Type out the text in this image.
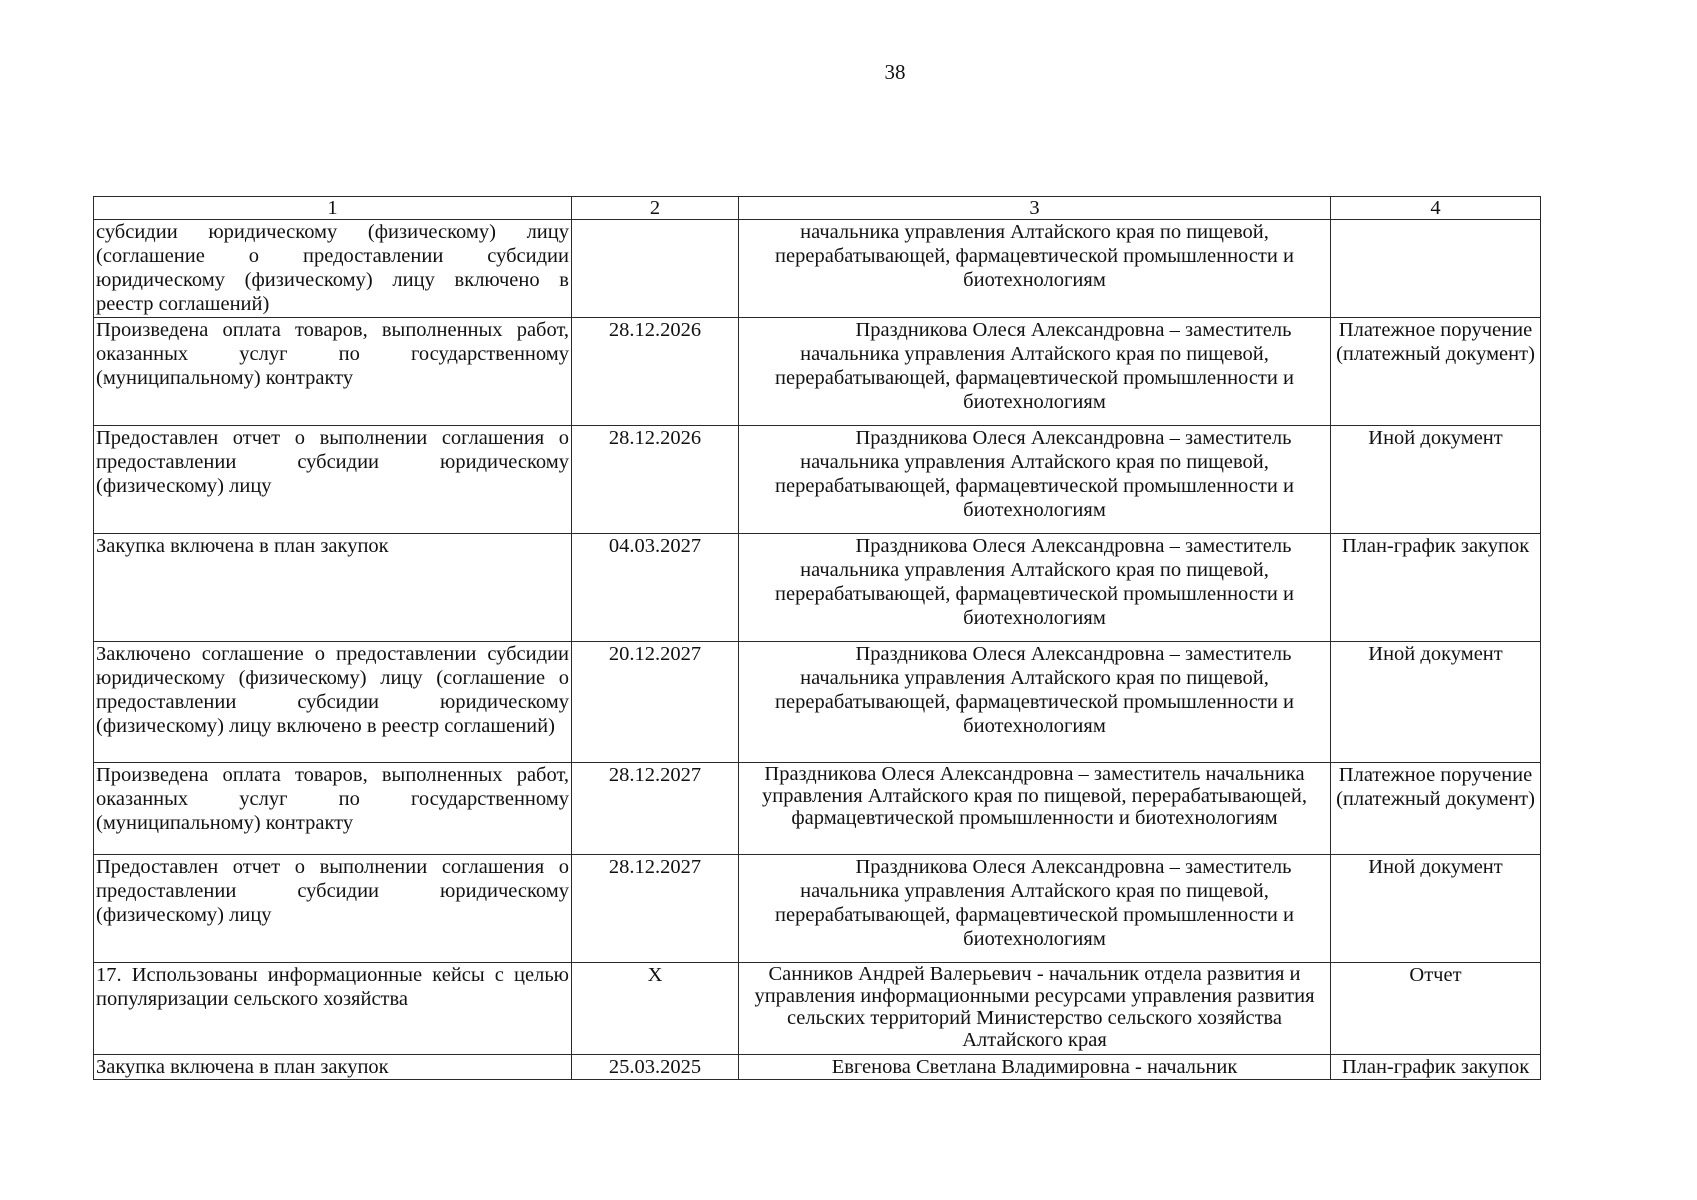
38
1	2	3	4
субсидии юридическому (физическому) лицу (соглашение о предоставлении субсидии юридическому (физическому) лицу включено в реестр соглашений)		начальника управления Алтайского края по пищевой, перерабатывающей, фармацевтической промышленности и биотехнологиям	

Произведена оплата товаров, выполненных работ, оказанных услуг по государственному (муниципальному) контракту	28.12.2026	Праздникова Олеся Александровна – заместитель начальника управления Алтайского края по пищевой, перерабатывающей, фармацевтической промышленности и биотехнологиям	Платежное поручение (платежный документ)
Предоставлен отчет о выполнении соглашения о предоставлении субсидии юридическому (физическому) лицу	28.12.2026	Праздникова Олеся Александровна – заместитель начальника управления Алтайского края по пищевой, перерабатывающей, фармацевтической промышленности и биотехнологиям	Иной документ
Закупка включена в план закупок	04.03.2027	Праздникова Олеся Александровна – заместитель начальника управления Алтайского края по пищевой, перерабатывающей, фармацевтической промышленности и биотехнологиям	План-график закупок
Заключено соглашение о предоставлении субсидии юридическому (физическому) лицу (соглашение о предоставлении субсидии юридическому (физическому) лицу включено в реестр соглашений)	20.12.2027	Праздникова Олеся Александровна – заместитель начальника управления Алтайского края по пищевой, перерабатывающей, фармацевтической промышленности и биотехнологиям	Иной документ
Произведена оплата товаров, выполненных работ, оказанных услуг по государственному (муниципальному) контракту	28.12.2027	Праздникова Олеся Александровна – заместитель начальника управления Алтайского края по пищевой, перерабатывающей, фармацевтической промышленности и биотехнологиям	Платежное поручение (платежный документ)
Предоставлен отчет о выполнении соглашения о предоставлении субсидии юридическому (физическому) лицу	28.12.2027	Праздникова Олеся Александровна – заместитель начальника управления Алтайского края по пищевой, перерабатывающей, фармацевтической промышленности и биотехнологиям	Иной документ
17. Использованы информационные кейсы с целью популяризации сельского хозяйства	X	Санников Андрей Валерьевич - начальник отдела развития и управления информационными ресурсами управления развития сельских территорий Министерство сельского хозяйства Алтайского края	Отчет
Закупка включена в план закупок	25.03.2025	Евгенова Светлана Владимировна - начальник	План-график закупок
